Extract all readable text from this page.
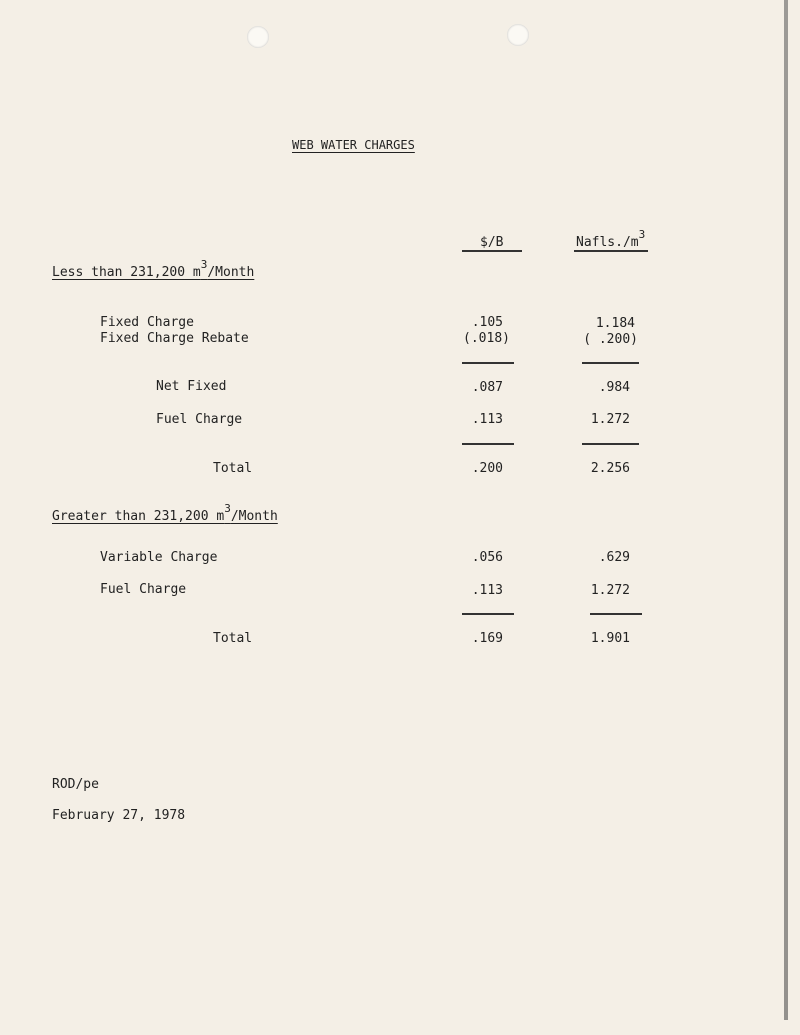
WEB WATER CHARGES
$/B	$Nafls./m^3$
Less than 231,200 $m^3$/Month
Fixed Charge	.105	1.184
Fixed Charge Rebate	(.018)	( .200)
Net Fixed	.087	.984
Fuel Charge	.113	1.272
Total	.200	2.256
Greater than 231,200 $m^3$/Month
Variable Charge	.056	.629
Fuel Charge	.113	1.272
Total	.169	1.901
ROD/pe
February 27, 1978
